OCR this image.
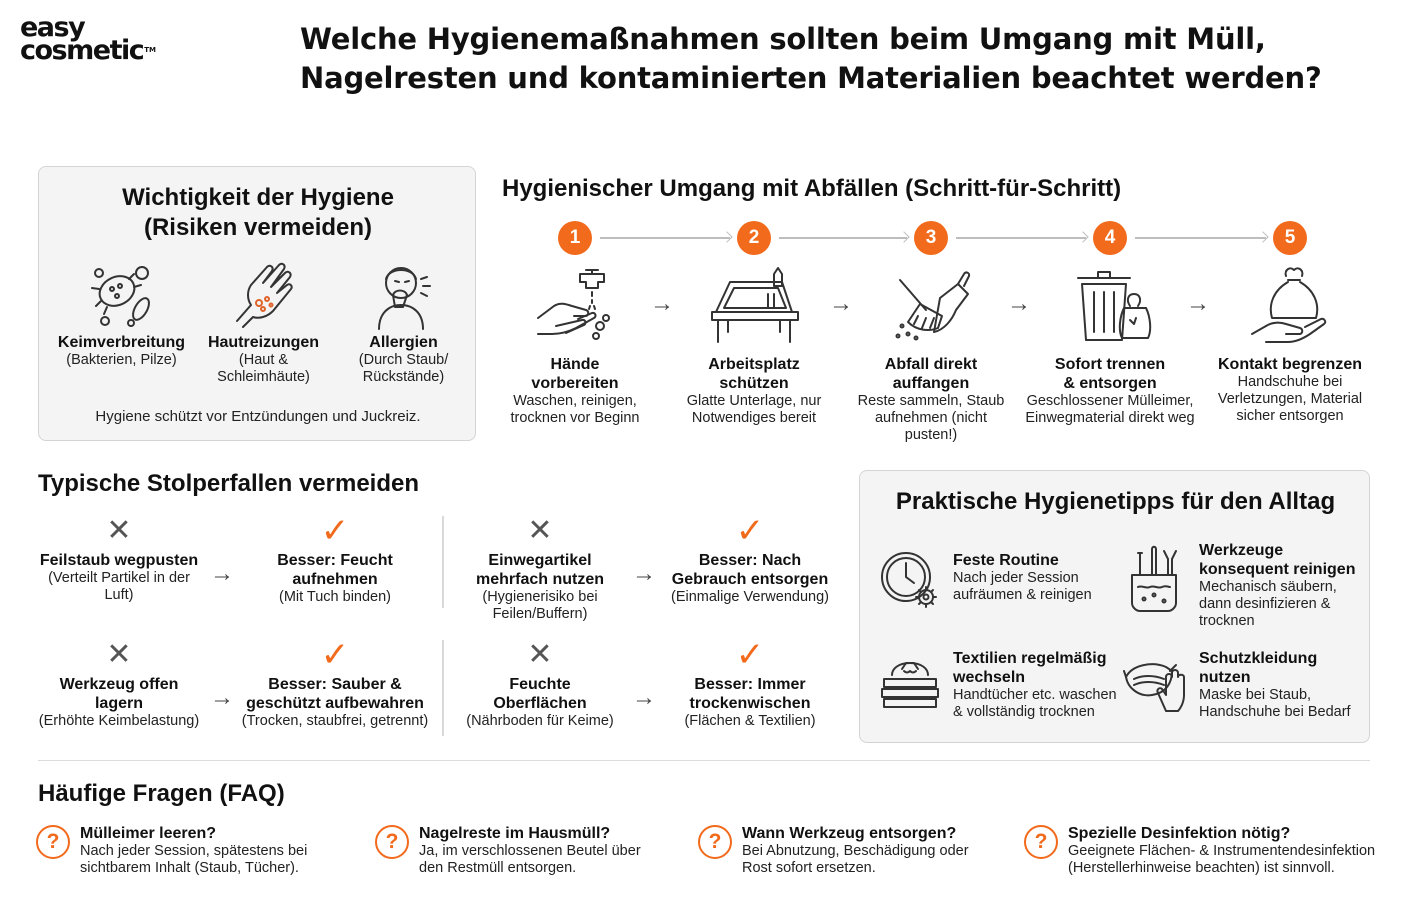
easy
cosmetic™	Welche Hygienemaßnahmen sollten beim Umgang mit Müll,
Nagelresten und kontaminierten Materialien beachtet werden?
Wichtigkeit der Hygiene
(Risiken vermeiden)
Keimverbreitung
(Bakterien, Pilze)
Hautreizungen
(Haut &
Schleimhäute)
Allergien
(Durch Staub/
Rückstände)
Hygiene schützt vor Entzündungen und Juckreiz.
Hygienischer Umgang mit Abfällen (Schritt-für-Schritt)
1	2	3	4	5
→	→	→	→
Hände
vorbereiten
Waschen, reinigen,
trocknen vor Beginn
Arbeitsplatz
schützen
Glatte Unterlage, nur
Notwendiges bereit
Abfall direkt
auffangen
Reste sammeln, Staub
aufnehmen (nicht
pusten!)
Sofort trennen
& entsorgen
Geschlossener Mülleimer,
Einwegmaterial direkt weg
Kontakt begrenzen
Handschuhe bei
Verletzungen, Material
sicher entsorgen
Typische Stolperfallen vermeiden
✕
Feilstaub wegpusten
(Verteilt Partikel in der
Luft)
→
✓
Besser: Feucht
aufnehmen
(Mit Tuch binden)
✕
Einwegartikel
mehrfach nutzen
(Hygienerisiko bei
Feilen/Buffern)
→
✓
Besser: Nach
Gebrauch entsorgen
(Einmalige Verwendung)
✕
Werkzeug offen
lagern
(Erhöhte Keimbelastung)
→
✓
Besser: Sauber &
geschützt aufbewahren
(Trocken, staubfrei, getrennt)
✕
Feuchte
Oberflächen
(Nährboden für Keime)
→
✓
Besser: Immer
trockenwischen
(Flächen & Textilien)
Praktische Hygienetipps für den Alltag
Feste Routine
Nach jeder Session
aufräumen & reinigen
Werkzeuge
konsequent reinigen
Mechanisch säubern,
dann desinfizieren &
trocknen
Textilien regelmäßig
wechseln
Handtücher etc. waschen
& vollständig trocknen
Schutzkleidung
nutzen
Maske bei Staub,
Handschuhe bei Bedarf
Häufige Fragen (FAQ)
?	Mülleimer leeren?
Nach jeder Session, spätestens bei
sichtbarem Inhalt (Staub, Tücher).
?	Nagelreste im Hausmüll?
Ja, im verschlossenen Beutel über
den Restmüll entsorgen.
?	Wann Werkzeug entsorgen?
Bei Abnutzung, Beschädigung oder
Rost sofort ersetzen.
?	Spezielle Desinfektion nötig?
Geeignete Flächen- & Instrumentendesinfektion
(Herstellerhinweise beachten) ist sinnvoll.
